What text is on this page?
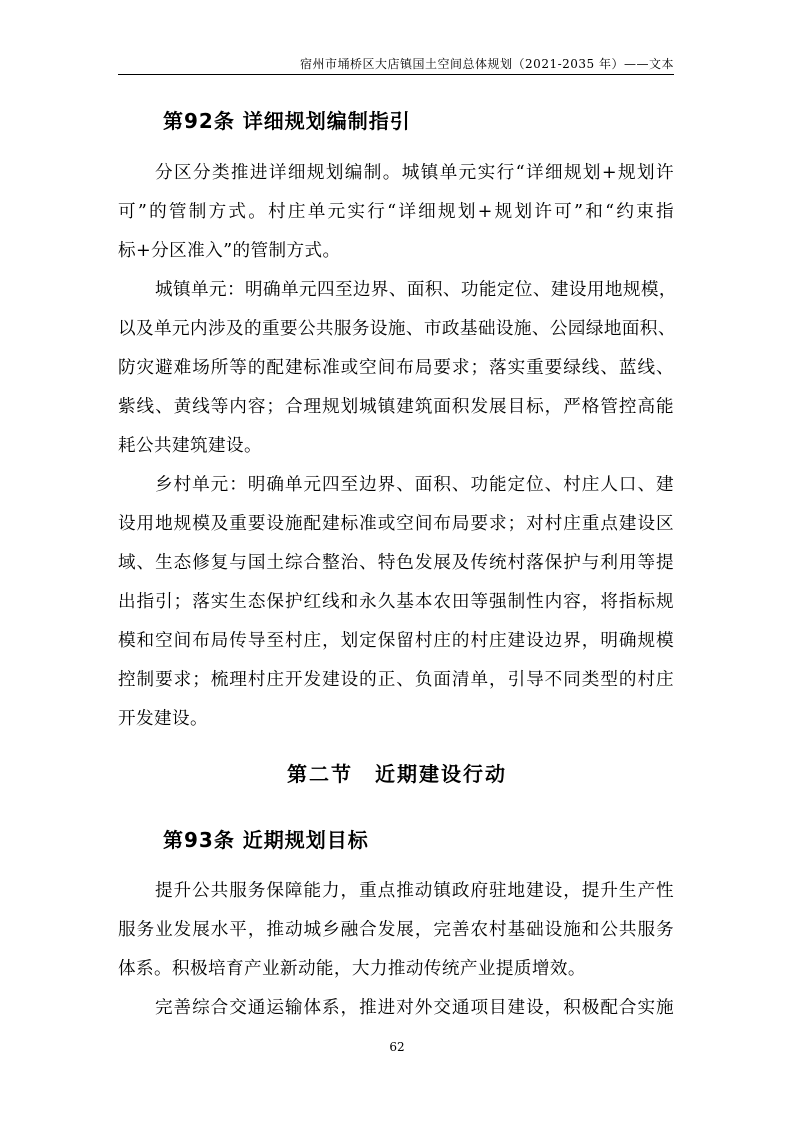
宿州市埇桥区大店镇国土空间总体规划（2021-2035 年）——文本
第92条 详细规划编制指引
分区分类推进详细规划编制。城镇单元实行“详细规划+规划许
可”的管制方式。村庄单元实行“详细规划+规划许可”和“约束指
标+分区准入”的管制方式。
城镇单元：明确单元四至边界、面积、功能定位、建设用地规模，
以及单元内涉及的重要公共服务设施、市政基础设施、公园绿地面积、
防灾避难场所等的配建标准或空间布局要求；落实重要绿线、蓝线、
紫线、黄线等内容；合理规划城镇建筑面积发展目标，严格管控高能
耗公共建筑建设。
乡村单元：明确单元四至边界、面积、功能定位、村庄人口、建
设用地规模及重要设施配建标准或空间布局要求；对村庄重点建设区
域、生态修复与国土综合整治、特色发展及传统村落保护与利用等提
出指引；落实生态保护红线和永久基本农田等强制性内容，将指标规
模和空间布局传导至村庄，划定保留村庄的村庄建设边界，明确规模
控制要求；梳理村庄开发建设的正、负面清单，引导不同类型的村庄
开发建设。
第二节　近期建设行动
第93条 近期规划目标
提升公共服务保障能力，重点推动镇政府驻地建设，提升生产性
服务业发展水平，推动城乡融合发展，完善农村基础设施和公共服务
体系。积极培育产业新动能，大力推动传统产业提质增效。
完善综合交通运输体系，推进对外交通项目建设，积极配合实施
62
